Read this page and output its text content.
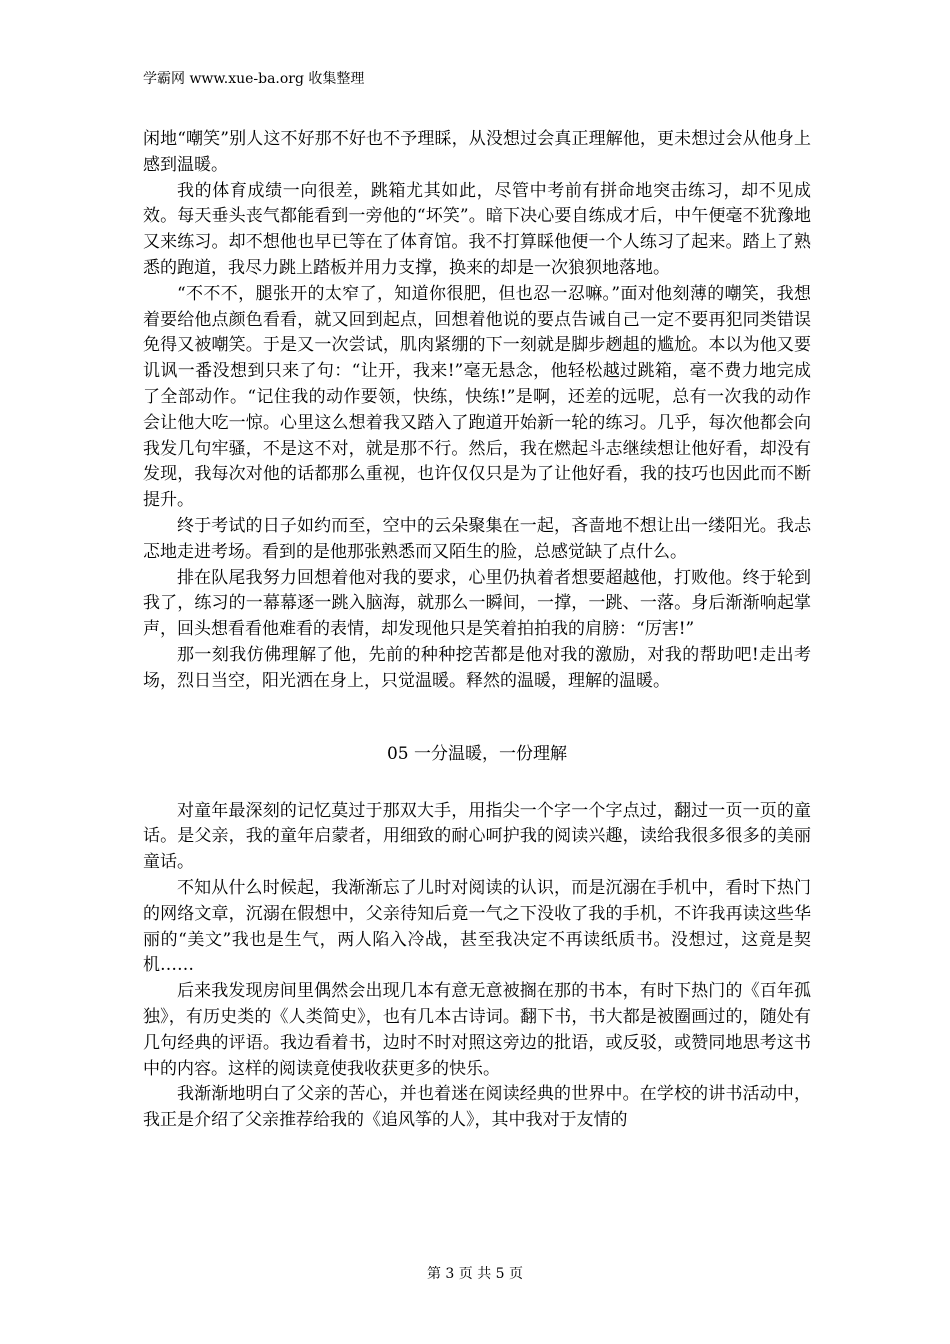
学霸网 www.xue-ba.org 收集整理

闲地“嘲笑”别人这不好那不好也不予理睬，从没想过会真正理解他，更未想过会从他身上感到温暖。

我的体育成绩一向很差，跳箱尤其如此，尽管中考前有拼命地突击练习，却不见成效。每天垂头丧气都能看到一旁他的“坏笑”。暗下决心要自练成才后，中午便毫不犹豫地又来练习。却不想他也早已等在了体育馆。我不打算睬他便一个人练习了起来。踏上了熟悉的跑道，我尽力跳上踏板并用力支撑，换来的却是一次狼狈地落地。

“不不不，腿张开的太窄了，知道你很肥，但也忍一忍嘛。”面对他刻薄的嘲笑，我想着要给他点颜色看看，就又回到起点，回想着他说的要点告诫自己一定不要再犯同类错误免得又被嘲笑。于是又一次尝试，肌肉紧绷的下一刻就是脚步趔趄的尴尬。本以为他又要讥讽一番没想到只来了句：“让开，我来!”毫无悬念，他轻松越过跳箱，毫不费力地完成了全部动作。“记住我的动作要领，快练，快练!”是啊，还差的远呢，总有一次我的动作会让他大吃一惊。心里这么想着我又踏入了跑道开始新一轮的练习。几乎，每次他都会向我发几句牢骚，不是这不对，就是那不行。然后，我在燃起斗志继续想让他好看，却没有发现，我每次对他的话都那么重视，也许仅仅只是为了让他好看，我的技巧也因此而不断提升。

终于考试的日子如约而至，空中的云朵聚集在一起，吝啬地不想让出一缕阳光。我忐忑地走进考场。看到的是他那张熟悉而又陌生的脸，总感觉缺了点什么。

排在队尾我努力回想着他对我的要求，心里仍执着者想要超越他，打败他。终于轮到我了，练习的一幕幕逐一跳入脑海，就那么一瞬间，一撑，一跳、一落。身后渐渐响起掌声，回头想看看他难看的表情，却发现他只是笑着拍拍我的肩膀：“厉害!”

那一刻我仿佛理解了他，先前的种种挖苦都是他对我的激励，对我的帮助吧!走出考场，烈日当空，阳光洒在身上，只觉温暖。释然的温暖，理解的温暖。

05 一分温暖，一份理解

对童年最深刻的记忆莫过于那双大手，用指尖一个字一个字点过，翻过一页一页的童话。是父亲，我的童年启蒙者，用细致的耐心呵护我的阅读兴趣，读给我很多很多的美丽童话。

不知从什么时候起，我渐渐忘了儿时对阅读的认识，而是沉溺在手机中，看时下热门的网络文章，沉溺在假想中，父亲待知后竟一气之下没收了我的手机，不许我再读这些华丽的“美文”我也是生气，两人陷入冷战，甚至我决定不再读纸质书。没想过，这竟是契机……

后来我发现房间里偶然会出现几本有意无意被搁在那的书本，有时下热门的《百年孤独》，有历史类的《人类简史》，也有几本古诗词。翻下书，书大都是被圈画过的，随处有几句经典的评语。我边看着书，边时不时对照这旁边的批语，或反驳，或赞同地思考这书中的内容。这样的阅读竟使我收获更多的快乐。

我渐渐地明白了父亲的苦心，并也着迷在阅读经典的世界中。在学校的讲书活动中，我正是介绍了父亲推荐给我的《追风筝的人》，其中我对于友情的

第 3 页 共 5 页
